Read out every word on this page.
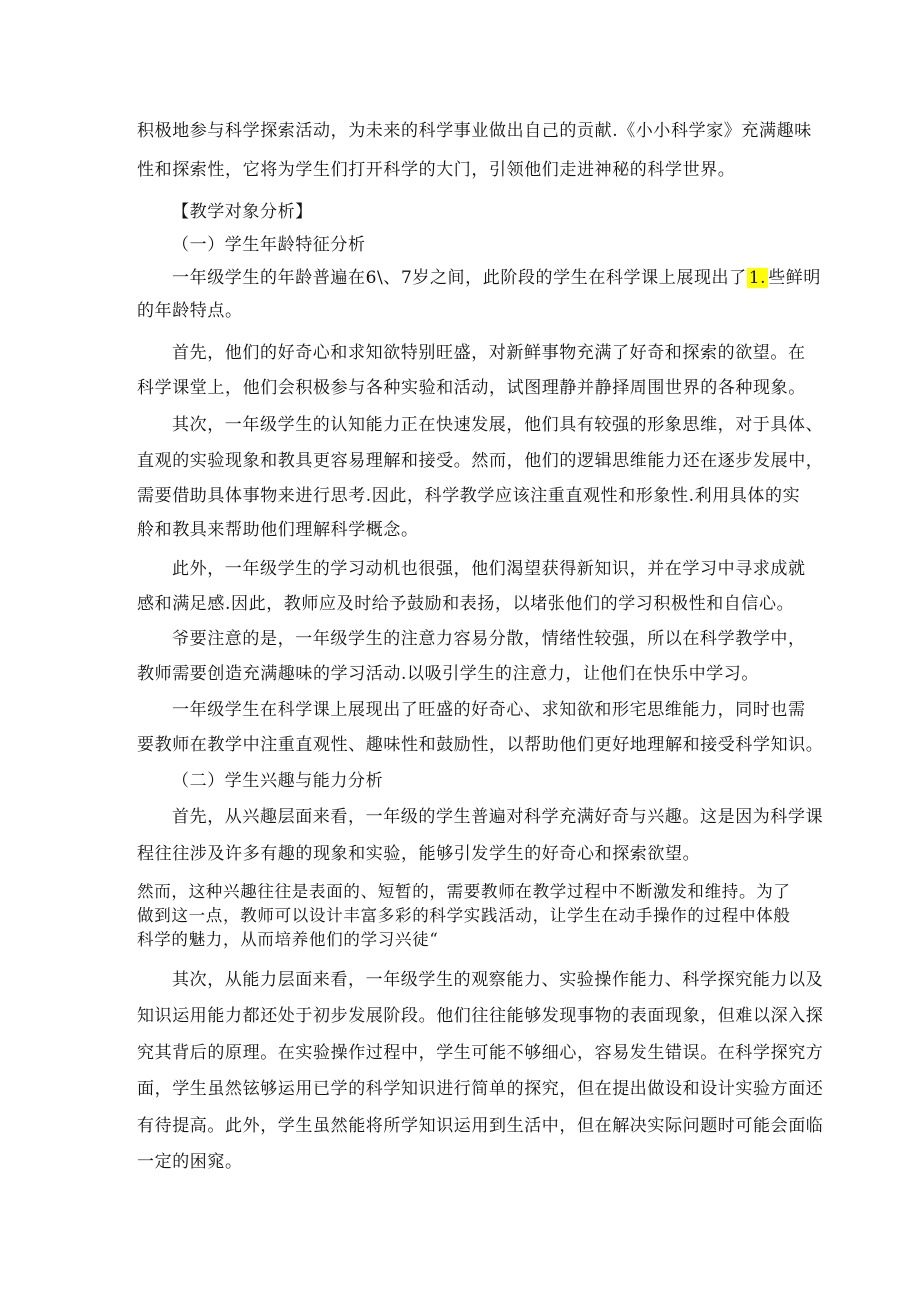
积极地参与科学探索活动，为未来的科学事业做出自己的贡献.《小小科学家》充满趣味
性和探索性，它将为学生们打开科学的大门，引领他们走进神秘的科学世界。
【教学对象分析】
（一）学生年龄特征分析
一年级学生的年龄普遍在6\、7岁之间，此阶段的学生在科学课上展现出了 1. 些鲜明
的年龄特点。
首先，他们的好奇心和求知欲特别旺盛，对新鲜事物充满了好奇和探索的欲望。在
科学课堂上，他们会积极参与各种实验和活动，试图理静并静择周围世界的各种现象。
其次，一年级学生的认知能力正在快速发展，他们具有较强的形象思维，对于具体、
直观的实验现象和教具更容易理解和接受。然而，他们的逻辑思维能力还在逐步发展中，
需要借助具体事物来进行思考.因此，科学教学应该注重直观性和形象性.利用具体的实
舲和教具来帮助他们理解科学概念。
此外，一年级学生的学习动机也很强，他们渴望获得新知识，并在学习中寻求成就
感和满足感.因此，教师应及时给予鼓励和表扬，以堵张他们的学习积极性和自信心。
爷要注意的是，一年级学生的注意力容易分散，情绪性较强，所以在科学教学中，
教师需要创造充满趣味的学习活动.以吸引学生的注意力，让他们在快乐中学习。
一年级学生在科学课上展现出了旺盛的好奇心、求知欲和形宅思维能力，同时也需
要教师在教学中注重直观性、趣味性和鼓励性，以帮助他们更好地理解和接受科学知识。
（二）学生兴趣与能力分析
首先，从兴趣层面来看，一年级的学生普遍对科学充满好奇与兴趣。这是因为科学课
程往往涉及许多有趣的现象和实验，能够引发学生的好奇心和探索欲望。
然而，这种兴趣往往是表面的、短暂的，需要教师在教学过程中不断激发和维持。为了
做到这一点，教师可以设计丰富多彩的科学实践活动，让学生在动手操作的过程中体般
科学的魅力，从而培养他们的学习兴徒“
其次，从能力层面来看，一年级学生的观察能力、实验操作能力、科学探究能力以及
知识运用能力都还处于初步发展阶段。他们往往能够发现事物的表面现象，但难以深入探
究其背后的原理。在实验操作过程中，学生可能不够细心，容易发生错误。在科学探究方
面，学生虽然铉够运用已学的科学知识进行简单的探究，但在提出做设和设计实验方面还
有待提高。此外，学生虽然能将所学知识运用到生活中，但在解决实际问题时可能会面临
一定的困窕。
